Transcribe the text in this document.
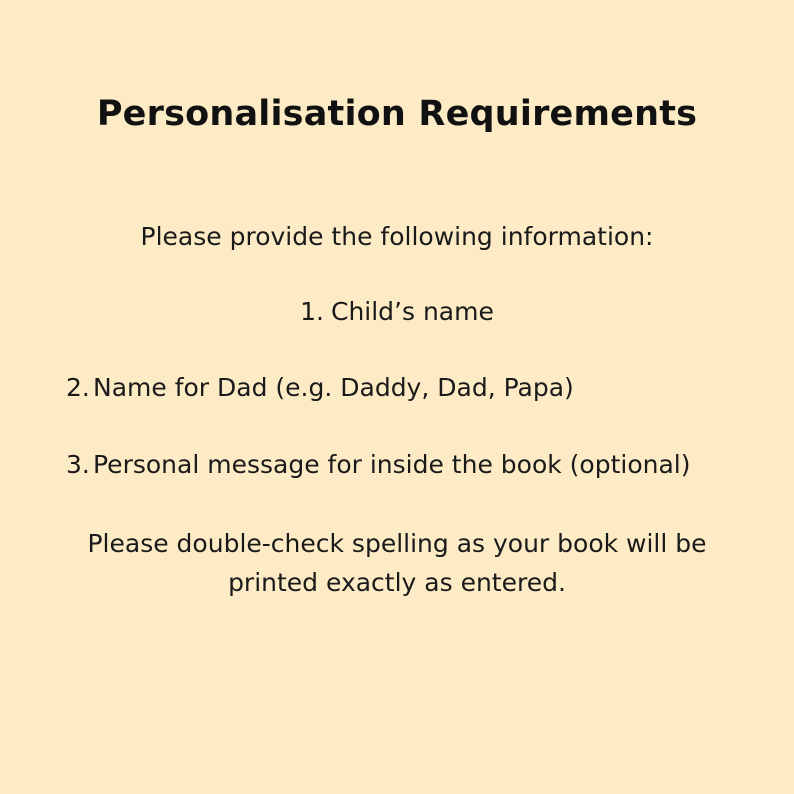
Personalisation Requirements
Please provide the following information:
1. Child’s name
2. Name for Dad (e.g. Daddy, Dad, Papa)
3. Personal message for inside the book (optional)
Please double-check spelling as your book will be printed exactly as entered.
